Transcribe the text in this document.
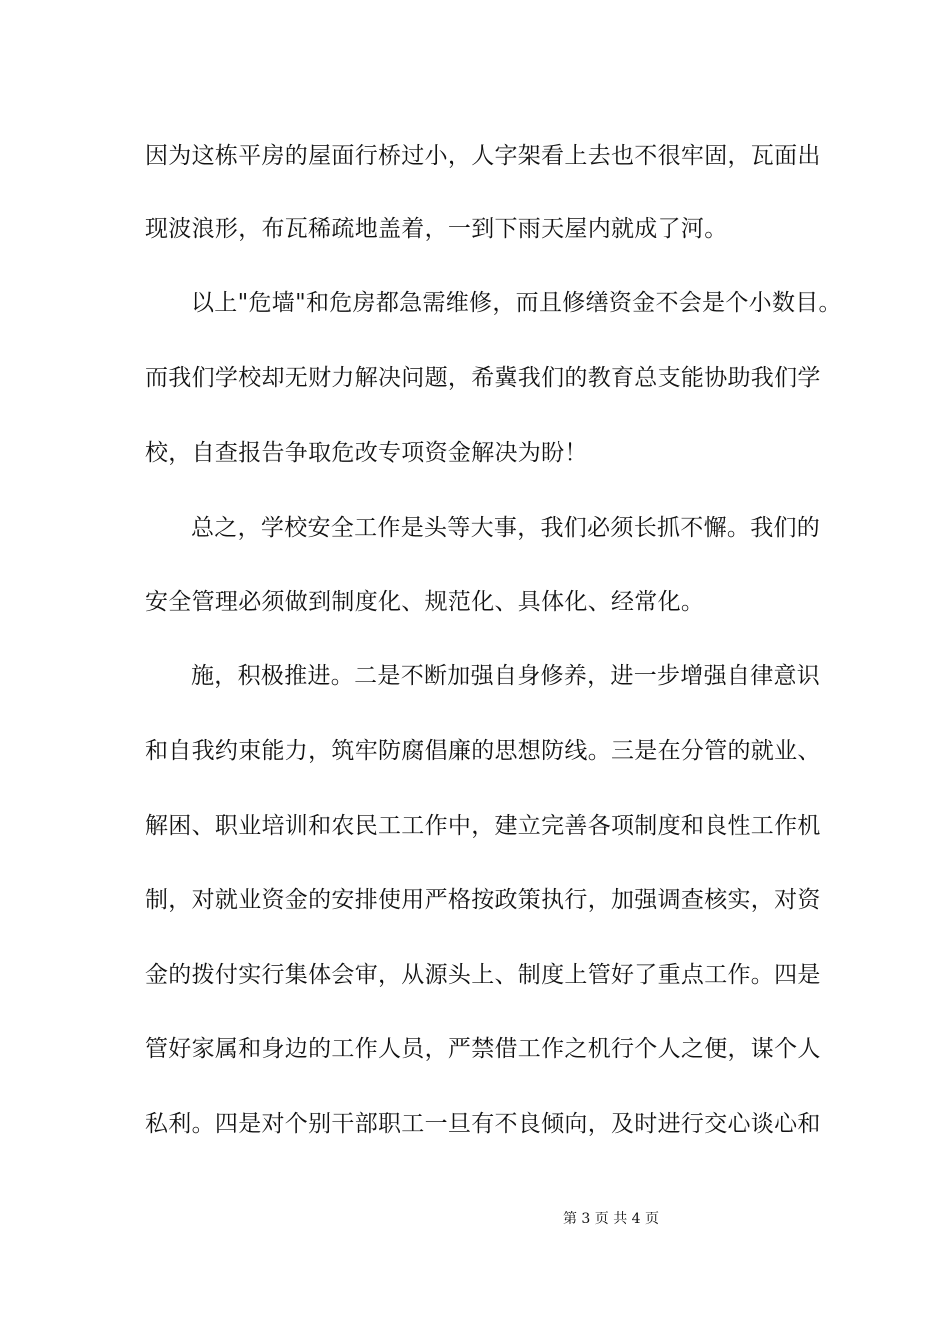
因为这栋平房的屋面行桥过小，人字架看上去也不很牢固，瓦面出
现波浪形，布瓦稀疏地盖着，一到下雨天屋内就成了河。
以上"危墙"和危房都急需维修，而且修缮资金不会是个小数目。
而我们学校却无财力解决问题，希冀我们的教育总支能协助我们学
校，自查报告争取危改专项资金解决为盼！
总之，学校安全工作是头等大事，我们必须长抓不懈。我们的
安全管理必须做到制度化、规范化、具体化、经常化。
施，积极推进。二是不断加强自身修养，进一步增强自律意识
和自我约束能力，筑牢防腐倡廉的思想防线。三是在分管的就业、
解困、职业培训和农民工工作中，建立完善各项制度和良性工作机
制，对就业资金的安排使用严格按政策执行，加强调查核实，对资
金的拨付实行集体会审，从源头上、制度上管好了重点工作。四是
管好家属和身边的工作人员，严禁借工作之机行个人之便，谋个人
私利。四是对个别干部职工一旦有不良倾向，及时进行交心谈心和
第 3 页 共 4 页
